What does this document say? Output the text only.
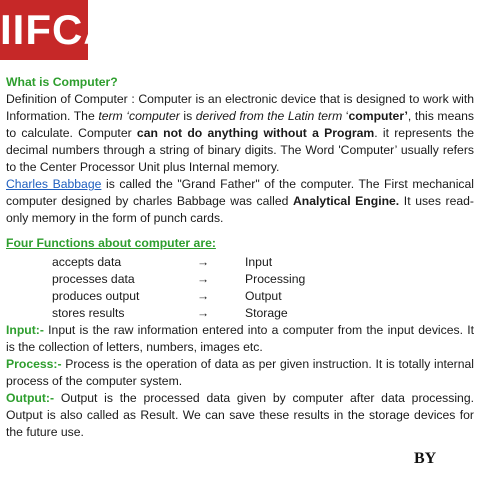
IIFCA

What is Computer?

Definition of Computer : Computer is an electronic device that is designed to work with Information. The term ‘computer is derived from the Latin term ‘computer’, this means to calculate. Computer can not do anything without a Program. it represents the decimal numbers through a string of binary digits. The Word 'Computer’ usually refers to the Center Processor Unit plus Internal memory.

Charles Babbage is called the "Grand Father" of the computer. The First mechanical computer designed by charles Babbage was called Analytical Engine. It uses read-only memory in the form of punch cards.

Four Functions about computer are:

accepts data	→	Input
processes data	→	Processing
produces output	→	Output
stores results	→	Storage

Input:- Input is the raw information entered into a computer from the input devices. It is the collection of letters, numbers, images etc.

Process:- Process is the operation of data as per given instruction. It is totally internal process of the computer system.

Output:- Output is the processed data given by computer after data processing. Output is also called as Result. We can save these results in the storage devices for the future use.

BY
